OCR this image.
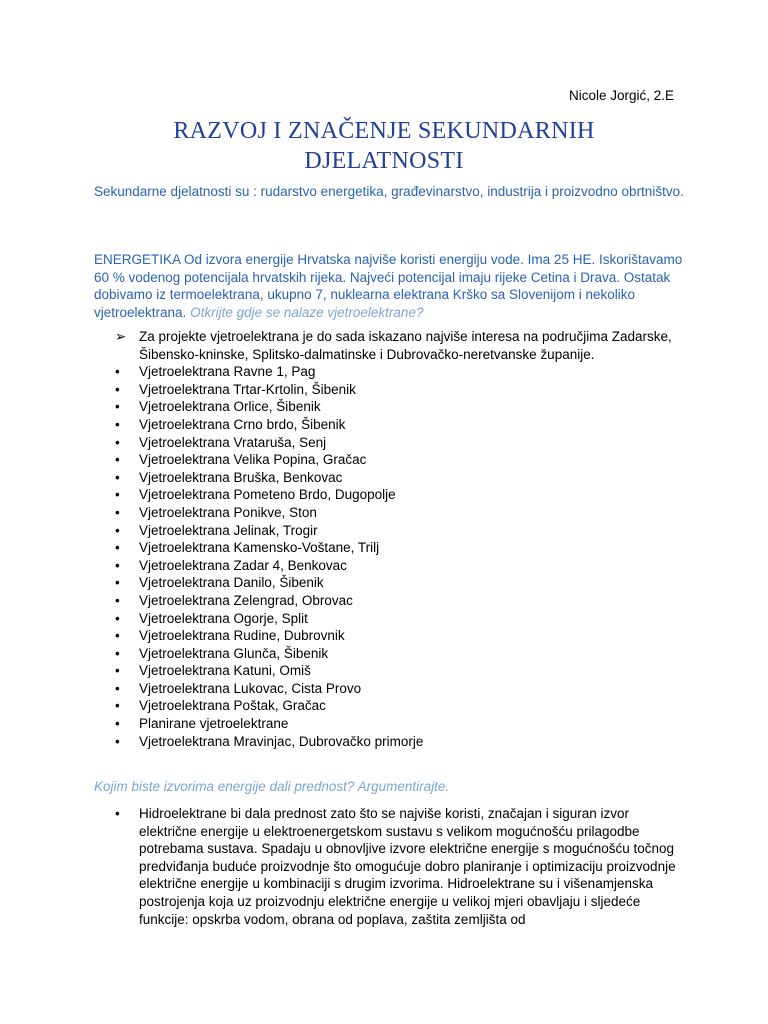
Nicole Jorgić, 2.E
RAZVOJ I ZNAČENJE SEKUNDARNIH
DJELATNOSTI
Sekundarne djelatnosti su : rudarstvo energetika, građevinarstvo, industrija i proizvodno obrtništvo.
ENERGETIKA Od izvora energije Hrvatska najviše koristi energiju vode. Ima 25 HE. Iskorištavamo 60 % vodenog potencijala hrvatskih rijeka. Najveći potencijal imaju rijeke Cetina i Drava. Ostatak dobivamo iz termoelektrana, ukupno 7, nuklearna elektrana Krško sa Slovenijom i nekoliko vjetroelektrana. Otkrijte gdje se nalaze vjetroelektrane?
➢ Za projekte vjetroelektrana je do sada iskazano najviše interesa na područjima Zadarske, Šibensko-kninske, Splitsko-dalmatinske i Dubrovačko-neretvanske županije.
• Vjetroelektrana Ravne 1, Pag
• Vjetroelektrana Trtar-Krtolin, Šibenik
• Vjetroelektrana Orlice, Šibenik
• Vjetroelektrana Crno brdo, Šibenik
• Vjetroelektrana Vrataruša, Senj
• Vjetroelektrana Velika Popina, Gračac
• Vjetroelektrana Bruška, Benkovac
• Vjetroelektrana Pometeno Brdo, Dugopolje
• Vjetroelektrana Ponikve, Ston
• Vjetroelektrana Jelinak, Trogir
• Vjetroelektrana Kamensko-Voštane, Trilj
• Vjetroelektrana Zadar 4, Benkovac
• Vjetroelektrana Danilo, Šibenik
• Vjetroelektrana Zelengrad, Obrovac
• Vjetroelektrana Ogorje, Split
• Vjetroelektrana Rudine, Dubrovnik
• Vjetroelektrana Glunča, Šibenik
• Vjetroelektrana Katuni, Omiš
• Vjetroelektrana Lukovac, Cista Provo
• Vjetroelektrana Poštak, Gračac
• Planirane vjetroelektrane
• Vjetroelektrana Mravinjac, Dubrovačko primorje
Kojim biste izvorima energije dali prednost? Argumentirajte.
• Hidroelektrane bi dala prednost zato što se najviše koristi, značajan i siguran izvor električne energije u elektroenergetskom sustavu s velikom mogućnošću prilagodbe potrebama sustava. Spadaju u obnovljive izvore električne energije s mogućnošću točnog predviđanja buduće proizvodnje što omogućuje dobro planiranje i optimizaciju proizvodnje električne energije u kombinaciji s drugim izvorima. Hidroelektrane su i višenamjenska postrojenja koja uz proizvodnju električne energije u velikoj mjeri obavljaju i sljedeće funkcije: opskrba vodom, obrana od poplava, zaštita zemljišta od
